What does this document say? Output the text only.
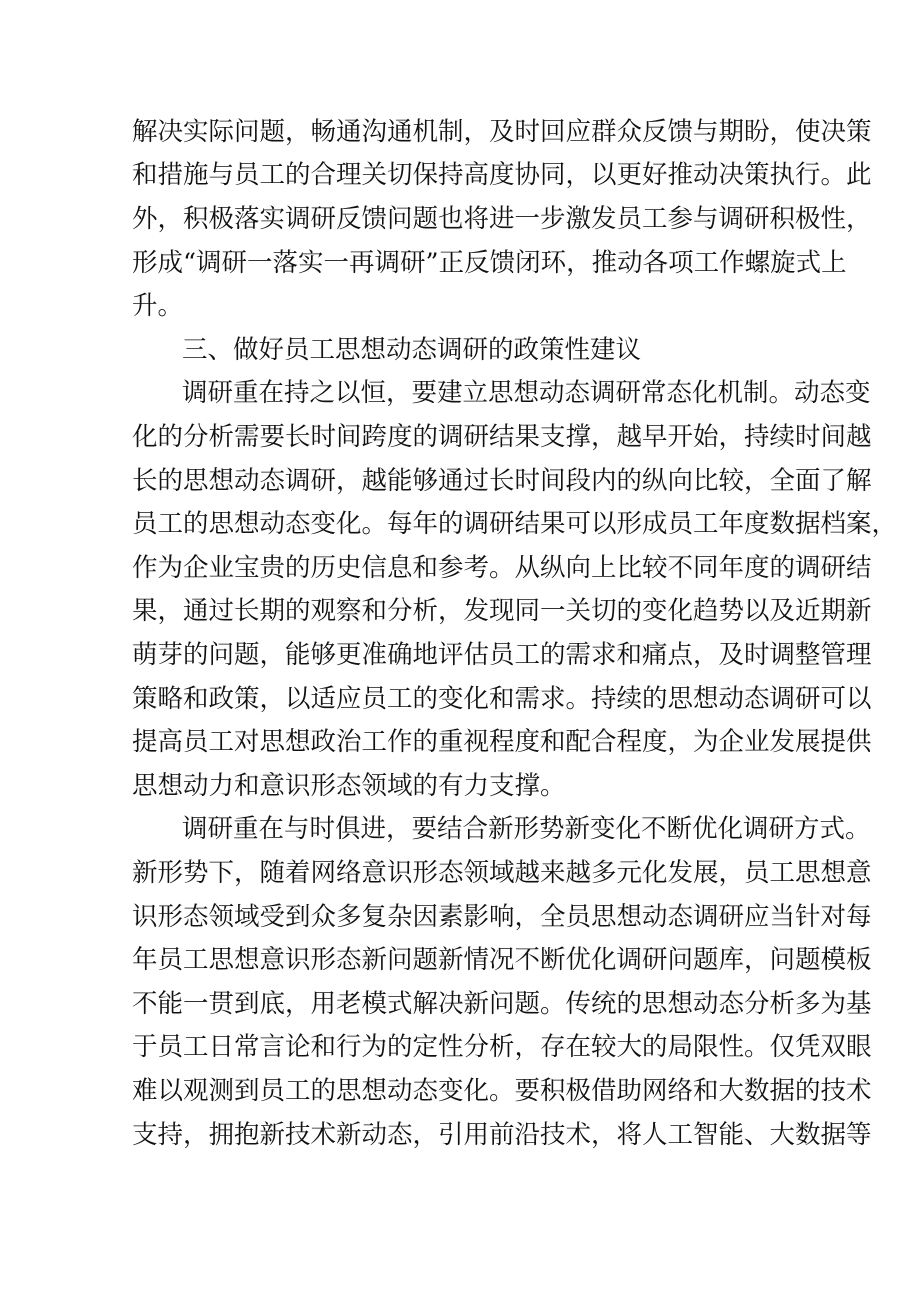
解决实际问题，畅通沟通机制，及时回应群众反馈与期盼，使决策
和措施与员工的合理关切保持高度协同，以更好推动决策执行。此
外，积极落实调研反馈问题也将进一步激发员工参与调研积极性，
形成“调研一落实一再调研”正反馈闭环，推动各项工作螺旋式上
升。
三、做好员工思想动态调研的政策性建议
调研重在持之以恒，要建立思想动态调研常态化机制。动态变
化的分析需要长时间跨度的调研结果支撑，越早开始，持续时间越
长的思想动态调研，越能够通过长时间段内的纵向比较，全面了解
员工的思想动态变化。每年的调研结果可以形成员工年度数据档案，
作为企业宝贵的历史信息和参考。从纵向上比较不同年度的调研结
果，通过长期的观察和分析，发现同一关切的变化趋势以及近期新
萌芽的问题，能够更准确地评估员工的需求和痛点，及时调整管理
策略和政策，以适应员工的变化和需求。持续的思想动态调研可以
提高员工对思想政治工作的重视程度和配合程度，为企业发展提供
思想动力和意识形态领域的有力支撑。
调研重在与时俱进，要结合新形势新变化不断优化调研方式。
新形势下，随着网络意识形态领域越来越多元化发展，员工思想意
识形态领域受到众多复杂因素影响，全员思想动态调研应当针对每
年员工思想意识形态新问题新情况不断优化调研问题库，问题模板
不能一贯到底，用老模式解决新问题。传统的思想动态分析多为基
于员工日常言论和行为的定性分析，存在较大的局限性。仅凭双眼
难以观测到员工的思想动态变化。要积极借助网络和大数据的技术
支持，拥抱新技术新动态，引用前沿技术，将人工智能、大数据等
